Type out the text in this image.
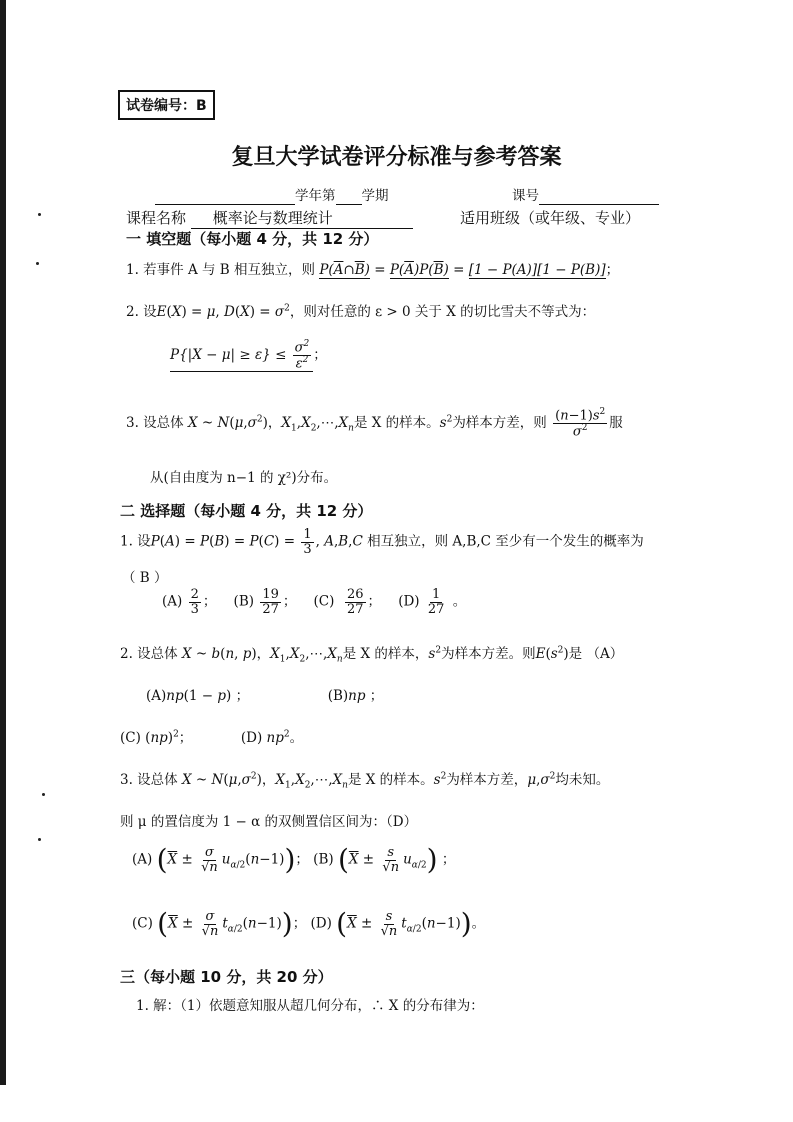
试卷编号：B
复旦大学试卷评分标准与参考答案
学年第 学期	课号
课程名称 概率论与数理统计	适用班级（或年级、专业）
一 填空题（每小题 4 分，共 12 分）
1. 若事件 A 与 B 相互独立，则 $P(\overline{A}\cap\overline{B}) = P(\overline{A})P(\overline{B}) = [1 - P(A)][1 - P(B)]$；
2. 设E(X) = μ, $D(X) = \sigma^2$，则对任意的 ε > 0 关于 X 的切比雪夫不等式为：
$P\{|X - \mu| \ge \varepsilon\} \le \frac{\sigma^2}{\varepsilon^2}$ ；
3. 设总体 X ~ $N(\mu,\sigma^2)$，$X_1,X_2,\cdots,X_n$是 X 的样本。$s^2$为样本方差，则 $\frac{(n-1)s^2}{\sigma^2}$ 服
从(自由度为 n−1 的 χ²)分布。
二 选择题（每小题 4 分，共 12 分）
1. 设$P(A) = P(B) = P(C) = \frac{1}{3}$ , A,B,C 相互独立，则 A,B,C 至少有一个发生的概率为
（ B ）
$(A) \frac{2}{3}$ ；    $(B) \frac{19}{27}$ ；    $(C) \frac{26}{27}$ ；    $(D) \frac{1}{27}$ 。
2. 设总体 X ~ b(n, p)，$X_1,X_2,\cdots,X_n$是 X 的样本，$s^2$为样本方差。则$E(s^2)$是 （A）
(A)np(1 − p) ；	(B)np ；
(C) (np)$^2$；	(D) $np^2$。
3. 设总体 X ~ $N(\mu,\sigma^2)$，$X_1,X_2,\cdots,X_n$是 X 的样本。$s^2$为样本方差，$\mu,\sigma^2$均未知。
则 μ 的置信度为 1 − α 的双侧置信区间为：（D）
(A) $(\overline{X} \pm \frac{\sigma}{√n} u_{\alpha/2}(n-1))$； (B) $(\overline{X} \pm \frac{s}{√n} u_{\alpha/2})$ ；
(C) $(\overline{X} \pm \frac{\sigma}{√n} t_{\alpha/2}(n-1))$； (D) $(\overline{X} \pm \frac{s}{√n} t_{\alpha/2}(n-1))$。
三（每小题 10 分，共 20 分）
1. 解：（1）依题意知服从超几何分布，∴ X 的分布律为：
